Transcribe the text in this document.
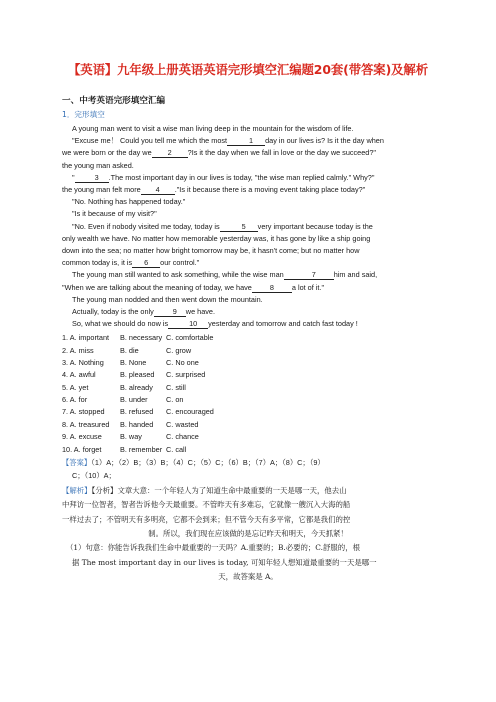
【英语】九年级上册英语英语完形填空汇编题20套(带答案)及解析
一、中考英语完形填空汇编
1．完形填空

A young man went to visit a wise man living deep in the mountain for the wisdom of life.

"Excuse me！ Could you tell me which the most	1 day in our lives is? Is it the day when

we were born or the day we 2 ?Is it the day when we fall in love or the day we succeed?"

the young man asked.

"	3 .The most important day in our lives is today, "the wise man replied calmly." Why?"

the young man felt more 4 ."Is it because there is a moving event taking place today?"

"No. Nothing has happened today."

"Is it because of my visit?"

"No. Even if nobody visited me today, today is	5 very important because today is the

only wealth we have. No matter how memorable yesterday was, it has gone by like a ship going

down into the sea; no matter how bright tomorrow may be, it hasn't come; but no matter how

common today is, it is 6 our control."

The young man still wanted to ask something, while the wise man	7 him and said,

"When we are talking about the meaning of today, we have 8 a lot of it."

The young man nodded and then went down the mountain.

Actually, today is the only	9 we have.

So, what we should do now is	10 yesterday and tomorrow and catch fast today !

1. A. important	B. necessary	C. comfortable
2. A. miss	B. die	C. grow
3. A. Nothing	B. None	C. No one
4. A. awful	B. pleased	C. surprised
5. A. yet	B. already	C. still
6. A. for	B. under	C. on
7. A. stopped	B. refused	C. encouraged
8. A. treasured	B. handed	C. wasted
9. A. excuse	B. way	C. chance
10. A. forget	B. remember	C. call
【答案】（1）A；（2）B；（3）B；（4）C；（5）C；（6）B；（7）A；（8）C；（9）
C；（10）A；
【解析】【分析】文章大意：一个年轻人为了知道生命中最重要的一天是哪一天，他去山
中拜访一位智者，智者告诉他今天最重要。不管昨天有多难忘，它就像一艘沉入大海的船
一样过去了；不管明天有多明亮，它都不会到来；但不管今天有多平常，它都是我们的控
制。所以，我们现在应该做的是忘记昨天和明天，今天抓紧！
（1）句意：你能告诉我我们生命中最重要的一天吗？A.重要的；B.必要的；C.舒服的，根
据 The most important day in our lives is today, 可知年轻人想知道最重要的一天是哪一
天，故答案是 A。
